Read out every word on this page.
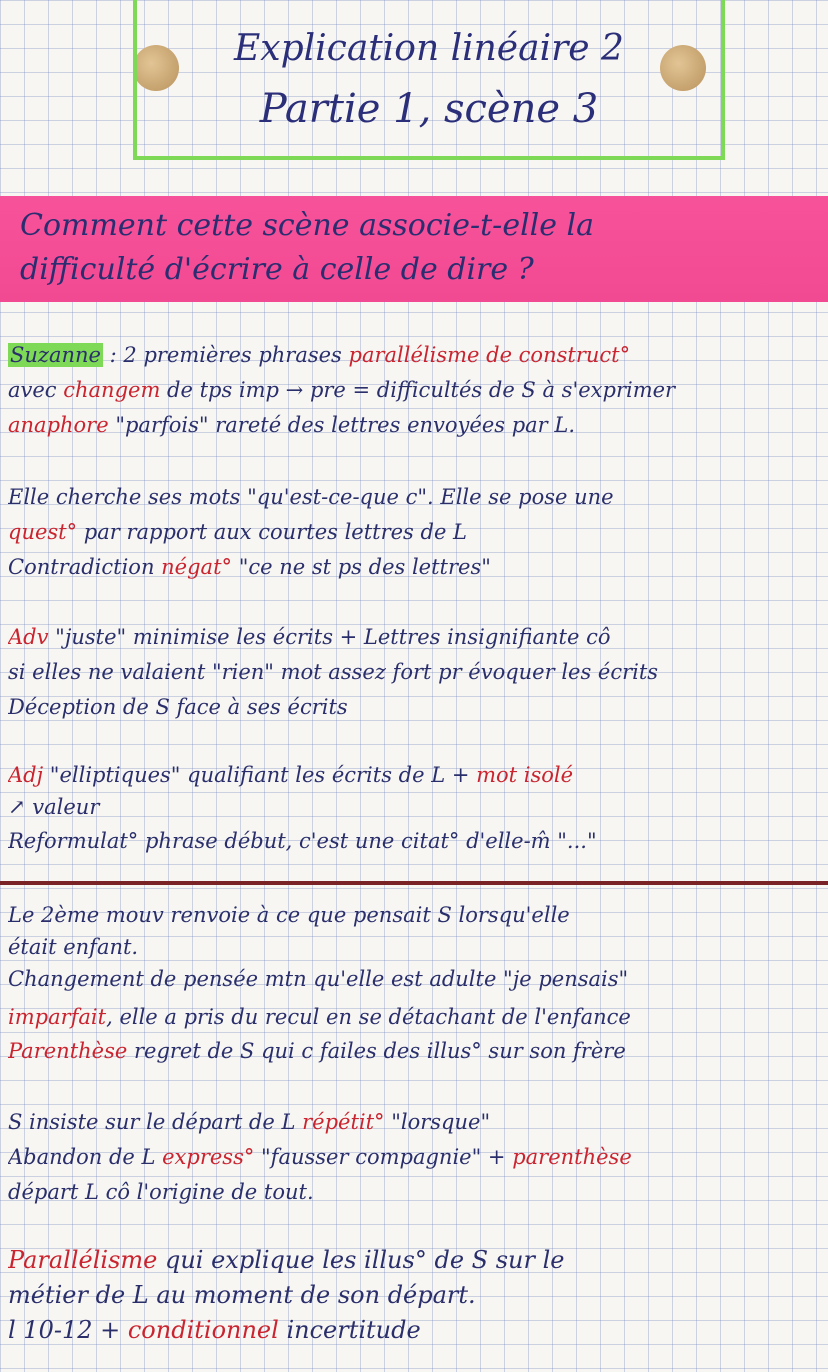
Explication linéaire 2
Partie 1, scène 3
Comment cette scène associe-t-elle la
difficulté d'écrire à celle de dire ?
Suzanne : 2 premières phrases parallélisme de construct°
avec changem de tps imp → pre = difficultés de S à s'exprimer
anaphore "parfois" rareté des lettres envoyées par L.
Elle cherche ses mots "qu'est-ce-que c". Elle se pose une
quest° par rapport aux courtes lettres de L
Contradiction négat° "ce ne st ps des lettres"
Adv "juste" minimise les écrits + Lettres insignifiante cô
si elles ne valaient "rien" mot assez fort pr évoquer les écrits
Déception de S face à ses écrits
Adj "elliptiques" qualifiant les écrits de L + mot isolé
↗ valeur
Reformulat° phrase début, c'est une citat° d'elle-m̂ "..."
Le 2ème mouv renvoie à ce que pensait S lorsqu'elle
était enfant.
Changement de pensée mtn qu'elle est adulte "je pensais"
imparfait, elle a pris du recul en se détachant de l'enfance
Parenthèse regret de S qui c failes des illus° sur son frère
S insiste sur le départ de L répétit° "lorsque"
Abandon de L express° "fausser compagnie" + parenthèse
départ L cô l'origine de tout.
Parallélisme qui explique les illus° de S sur le
métier de L au moment de son départ.
l 10-12 + conditionnel incertitude
